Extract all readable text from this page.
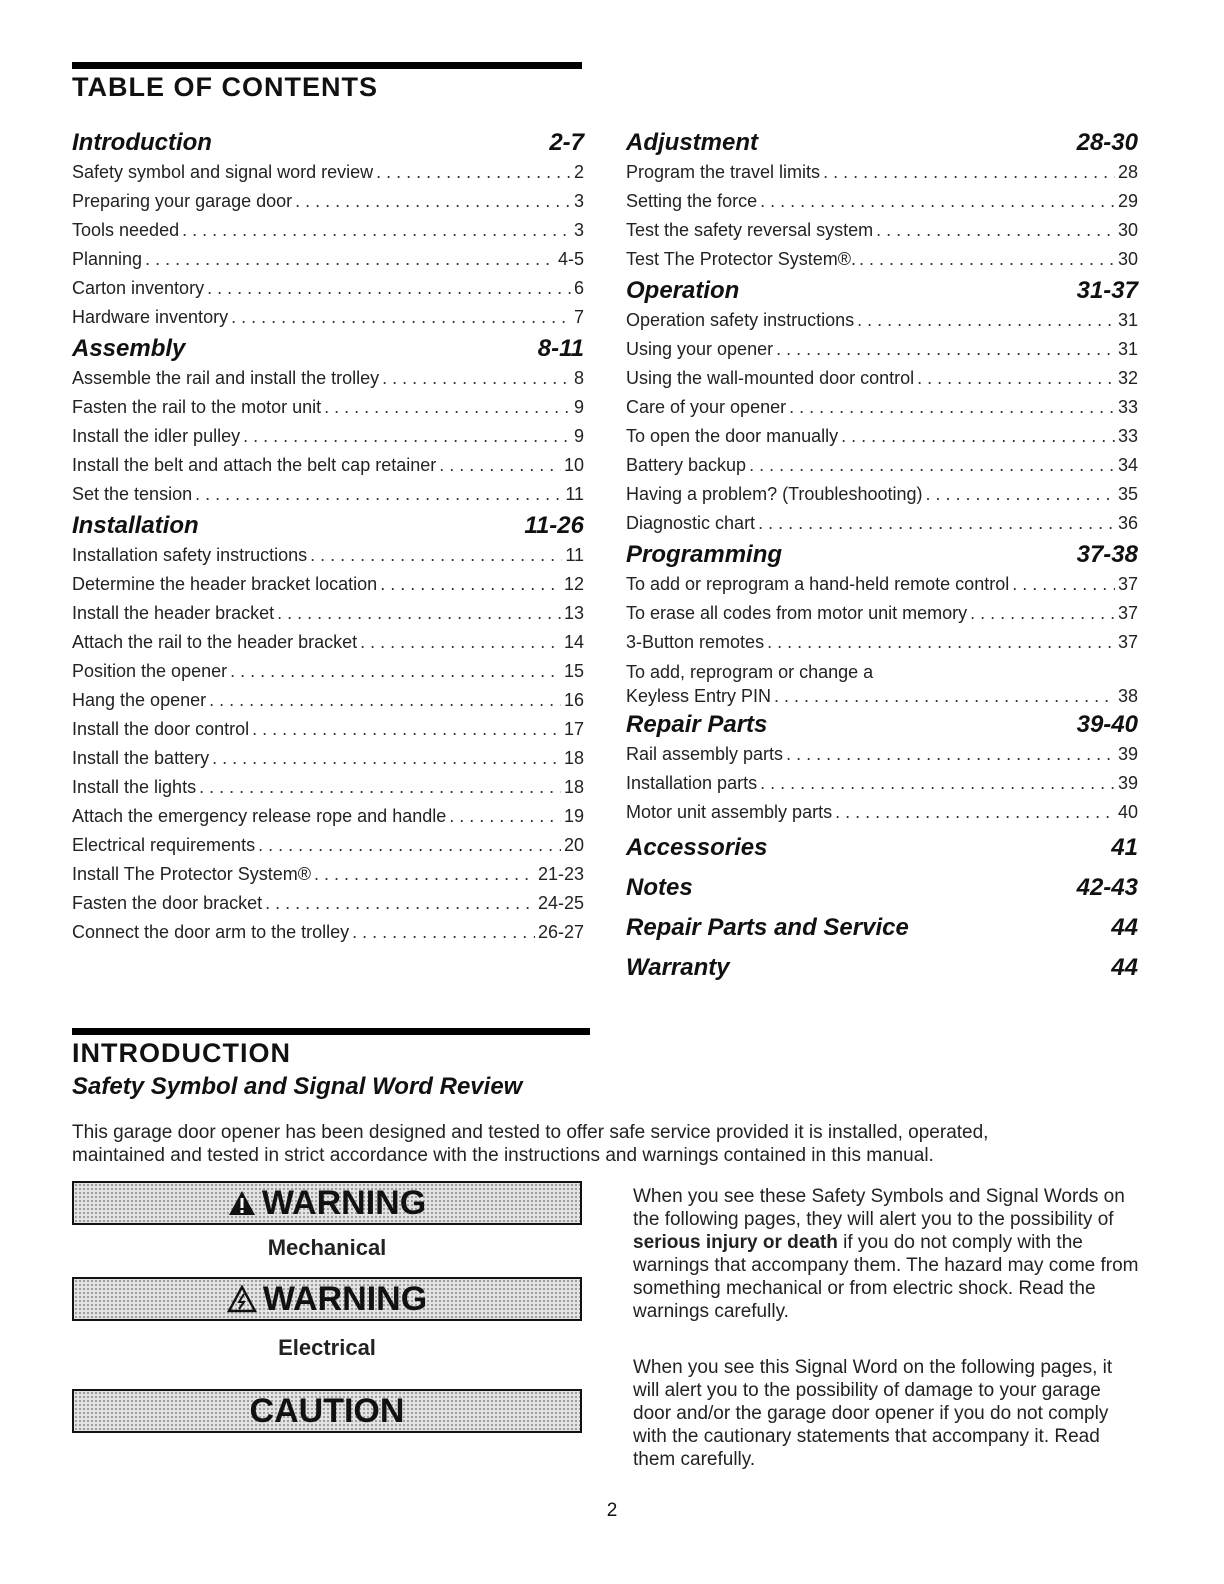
TABLE OF CONTENTS
Introduction	2-7
Safety symbol and signal word review . . .	2
Preparing your garage door . . .	3
Tools needed . . .	3
Planning . . .	4-5
Carton inventory . . .	6
Hardware inventory . . .	7
Assembly	8-11
Assemble the rail and install the trolley . . .	8
Fasten the rail to the motor unit . . .	9
Install the idler pulley . . .	9
Install the belt and attach the belt cap retainer . . .	10
Set the tension . . .	11
Installation	11-26
Installation safety instructions . . .	11
Determine the header bracket location . . .	12
Install the header bracket . . .	13
Attach the rail to the header bracket . . .	14
Position the opener . . .	15
Hang the opener . . .	16
Install the door control . . .	17
Install the battery . . .	18
Install the lights . . .	18
Attach the emergency release rope and handle . . .	19
Electrical requirements . . .	20
Install The Protector System® . . .	21-23
Fasten the door bracket . . .	24-25
Connect the door arm to the trolley . . .	26-27
Adjustment	28-30
Program the travel limits . . .	28
Setting the force . . .	29
Test the safety reversal system . . .	30
Test The Protector System®. . . .	30
Operation	31-37
Operation safety instructions . . .	31
Using your opener . . .	31
Using the wall-mounted door control . . .	32
Care of your opener . . .	33
To open the door manually . . .	33
Battery backup . . .	34
Having a problem? (Troubleshooting) . . .	35
Diagnostic chart . . .	36
Programming	37-38
To add or reprogram a hand-held remote control . . .	37
To erase all codes from motor unit memory . . .	37
3-Button remotes . . .	37
To add, reprogram or change a
Keyless Entry PIN . . .	38
Repair Parts	39-40
Rail assembly parts . . .	39
Installation parts . . .	39
Motor unit assembly parts . . .	40
Accessories	41
Notes	42-43
Repair Parts and Service	44
Warranty	44
INTRODUCTION
Safety Symbol and Signal Word Review

This garage door opener has been designed and tested to offer safe service provided it is installed, operated, maintained and tested in strict accordance with the instructions and warnings contained in this manual.

WARNING

Mechanical

WARNING

Electrical

CAUTION

When you see these Safety Symbols and Signal Words on the following pages, they will alert you to the possibility of serious injury or death if you do not comply with the warnings that accompany them. The hazard may come from something mechanical or from electric shock. Read the warnings carefully.

When you see this Signal Word on the following pages, it will alert you to the possibility of damage to your garage door and/or the garage door opener if you do not comply with the cautionary statements that accompany it. Read them carefully.

2
